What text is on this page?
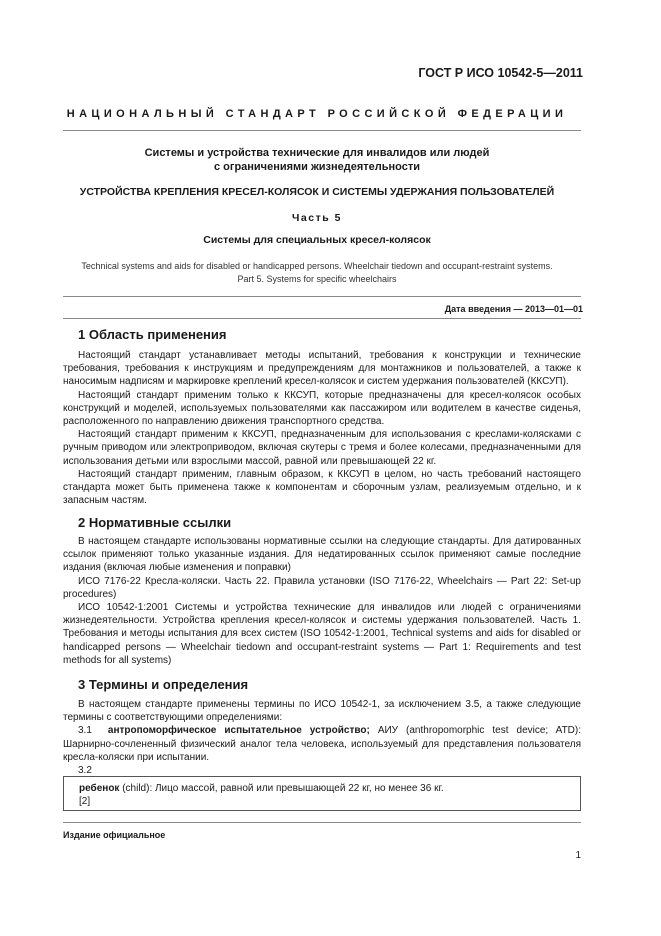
ГОСТ Р ИСО 10542-5—2011
НАЦИОНАЛЬНЫЙ СТАНДАРТ РОССИЙСКОЙ ФЕДЕРАЦИИ
Системы и устройства технические для инвалидов или людей
с ограничениями жизнедеятельности
УСТРОЙСТВА КРЕПЛЕНИЯ КРЕСЕЛ-КОЛЯСОК И СИСТЕМЫ УДЕРЖАНИЯ ПОЛЬЗОВАТЕЛЕЙ
Часть 5
Системы для специальных кресел-колясок
Technical systems and aids for disabled or handicapped persons. Wheelchair tiedown and occupant-restraint systems.
Part 5. Systems for specific wheelchairs
Дата введения — 2013—01—01
1 Область применения

Настоящий стандарт устанавливает методы испытаний, требования к конструкции и технические требования, требования к инструкциям и предупреждениям для монтажников и пользователей, а также к наносимым надписям и маркировке креплений кресел-колясок и систем удержания пользователей (ККСУП).

Настоящий стандарт применим только к ККСУП, которые предназначены для кресел-колясок особых конструкций и моделей, используемых пользователями как пассажиром или водителем в качестве сиденья, расположенного по направлению движения транспортного средства.

Настоящий стандарт применим к ККСУП, предназначенным для использования с креслами-колясками с ручным приводом или электроприводом, включая скутеры с тремя и более колесами, предназначенными для использования детьми или взрослыми массой, равной или превышающей 22 кг.

Настоящий стандарт применим, главным образом, к ККСУП в целом, но часть требований настоящего стандарта может быть применена также к компонентам и сборочным узлам, реализуемым отдельно, и к запасным частям.

2 Нормативные ссылки

В настоящем стандарте использованы нормативные ссылки на следующие стандарты. Для датированных ссылок применяют только указанные издания. Для недатированных ссылок применяют самые последние издания (включая любые изменения и поправки)

ИСО 7176-22 Кресла-коляски. Часть 22. Правила установки (ISO 7176-22, Wheelchairs — Part 22: Set-up procedures)

ИСО 10542-1:2001 Системы и устройства технические для инвалидов или людей с ограничениями жизнедеятельности. Устройства крепления кресел-колясок и системы удержания пользователей. Часть 1. Требования и методы испытания для всех систем (ISO 10542-1:2001, Technical systems and aids for disabled or handicapped persons — Wheelchair tiedown and occupant-restraint systems — Part 1: Requirements and test methods for all systems)

3 Термины и определения

В настоящем стандарте применены термины по ИСО 10542-1, за исключением 3.5, а также следующие термины с соответствующими определениями:

3.1 антропоморфическое испытательное устройство; АИУ (anthropomorphic test device; ATD): Шарнирно-сочлененный физический аналог тела человека, используемый для представления пользователя кресла-коляски при испытании.

3.2

ребенок (child): Лицо массой, равной или превышающей 22 кг, но менее 36 кг.
[2]
Издание официальное
1
